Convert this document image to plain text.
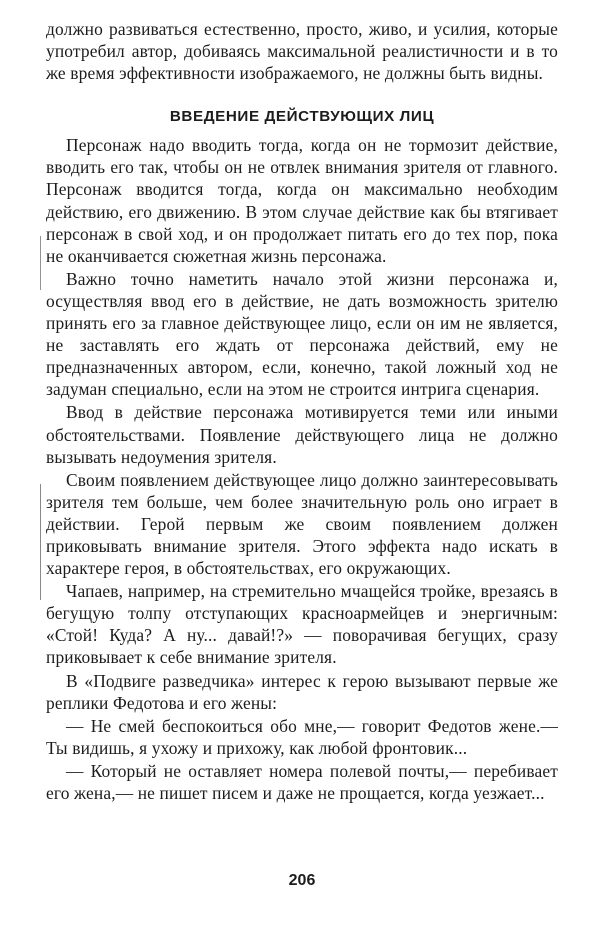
должно развиваться естественно, просто, живо, и усилия, которые употребил автор, добиваясь максимальной реалистичности и в то же время эффективности изображаемого, не должны быть видны.

ВВЕДЕНИЕ ДЕЙСТВУЮЩИХ ЛИЦ

Персонаж надо вводить тогда, когда он не тормозит действие, вводить его так, чтобы он не отвлек внимания зрителя от главного. Персонаж вводится тогда, когда он максимально необходим действию, его движению. В этом случае действие как бы втягивает персонаж в свой ход, и он продолжает питать его до тех пор, пока не оканчивается сюжетная жизнь персонажа.

Важно точно наметить начало этой жизни персонажа и, осуществляя ввод его в действие, не дать возможность зрителю принять его за главное действующее лицо, если он им не является, не заставлять его ждать от персонажа действий, ему не предназначенных автором, если, конечно, такой ложный ход не задуман специально, если на этом не строится интрига сценария.

Ввод в действие персонажа мотивируется теми или иными обстоятельствами. Появление действующего лица не должно вызывать недоумения зрителя.

Своим появлением действующее лицо должно заинтересовывать зрителя тем больше, чем более значительную роль оно играет в действии. Герой первым же своим появлением должен приковывать внимание зрителя. Этого эффекта надо искать в характере героя, в обстоятельствах, его окружающих.

Чапаев, например, на стремительно мчащейся тройке, врезаясь в бегущую толпу отступающих красноармейцев и энергичным: «Стой! Куда? А ну... давай!?» — поворачивая бегущих, сразу приковывает к себе внимание зрителя.

В «Подвиге разведчика» интерес к герою вызывают первые же реплики Федотова и его жены:

— Не смей беспокоиться обо мне,— говорит Федотов жене.— Ты видишь, я ухожу и прихожу, как любой фронтовик...

— Который не оставляет номера полевой почты,— перебивает его жена,— не пишет писем и даже не прощается, когда уезжает...

206
